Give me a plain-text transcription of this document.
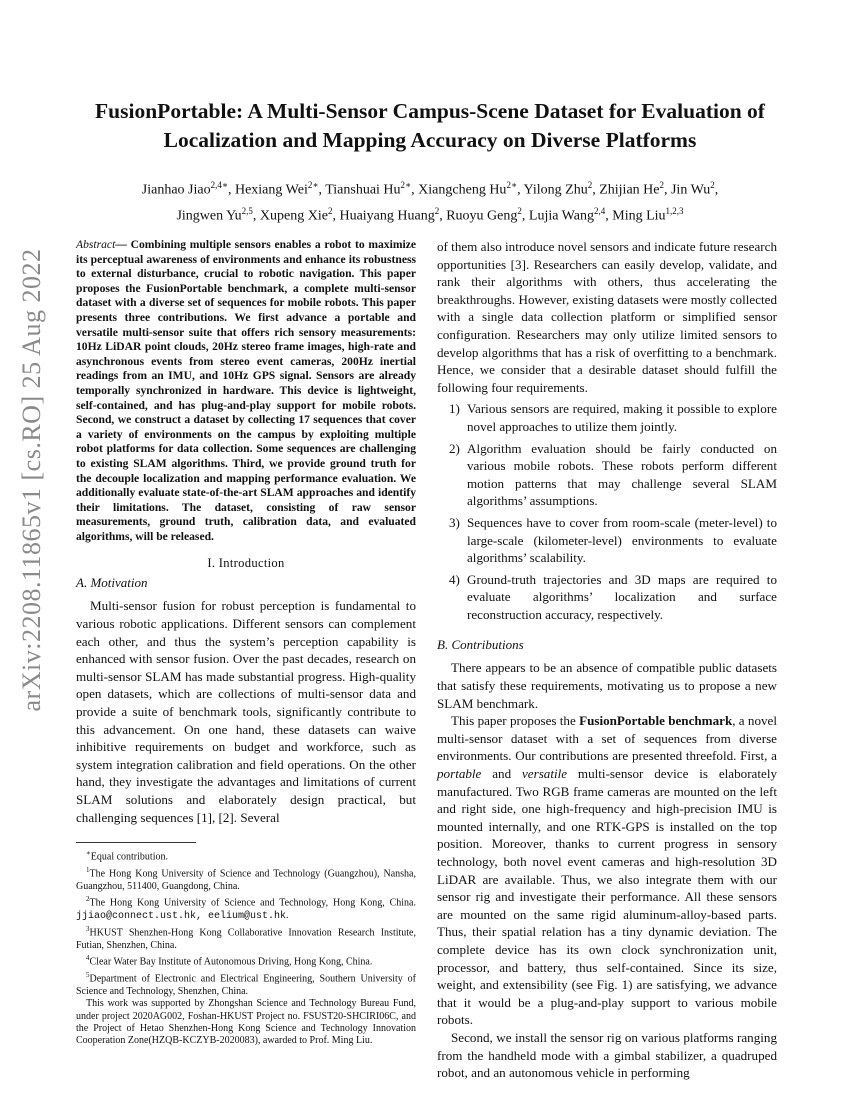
arXiv:2208.11865v1 [cs.RO] 25 Aug 2022
FusionPortable: A Multi-Sensor Campus-Scene Dataset for Evaluation of Localization and Mapping Accuracy on Diverse Platforms
Jianhao Jiao$^{2,4∗}$, Hexiang Wei$^{2∗}$, Tianshuai $Hu^{2∗}$, Xiangcheng $Hu^{2∗}$, Yilong Zhu$^2$, Zhijian He$^2$, Jin Wu$^2$,
Jingwen Yu$^{2,5}$, Xupeng Xie$^2$, Huaiyang Huang$^2$, Ruoyu Geng$^2$, Lujia Wang$^{2,4}$, Ming Liu$^{1,2,3}$

Abstract— Combining multiple sensors enables a robot to maximize its perceptual awareness of environments and enhance its robustness to external disturbance, crucial to robotic navigation. This paper proposes the FusionPortable benchmark, a complete multi-sensor dataset with a diverse set of sequences for mobile robots. This paper presents three contributions. We first advance a portable and versatile multi-sensor suite that offers rich sensory measurements: 10Hz LiDAR point clouds, 20Hz stereo frame images, high-rate and asynchronous events from stereo event cameras, 200Hz inertial readings from an IMU, and 10Hz GPS signal. Sensors are already temporally synchronized in hardware. This device is lightweight, self-contained, and has plug-and-play support for mobile robots. Second, we construct a dataset by collecting 17 sequences that cover a variety of environments on the campus by exploiting multiple robot platforms for data collection. Some sequences are challenging to existing SLAM algorithms. Third, we provide ground truth for the decouple localization and mapping performance evaluation. We additionally evaluate state-of-the-art SLAM approaches and identify their limitations. The dataset, consisting of raw sensor measurements, ground truth, calibration data, and evaluated algorithms, will be released.

I. Introduction
A. Motivation

Multi-sensor fusion for robust perception is fundamental to various robotic applications. Different sensors can complement each other, and thus the system’s perception capability is enhanced with sensor fusion. Over the past decades, research on multi-sensor SLAM has made substantial progress. High-quality open datasets, which are collections of multi-sensor data and provide a suite of benchmark tools, significantly contribute to this advancement. On one hand, these datasets can waive inhibitive requirements on budget and workforce, such as system integration calibration and field operations. On the other hand, they investigate the advantages and limitations of current SLAM solutions and elaborately design practical, but challenging sequences [1], [2]. Several

∗Equal contribution.

$^1$The Hong Kong University of Science and Technology (Guangzhou), Nansha, Guangzhou, 511400, Guangdong, China.

$^2$The Hong Kong University of Science and Technology, Hong Kong, China. jjiao@connect.ust.hk, eelium@ust.hk.

$^3$HKUST Shenzhen-Hong Kong Collaborative Innovation Research Institute, Futian, Shenzhen, China.

$^4$Clear Water Bay Institute of Autonomous Driving, Hong Kong, China.

$^5$Department of Electronic and Electrical Engineering, Southern University of Science and Technology, Shenzhen, China.

This work was supported by Zhongshan Science and Technology Bureau Fund, under project 2020AG002, Foshan-HKUST Project no. FSUST20-SHCIRI06C, and the Project of Hetao Shenzhen-Hong Kong Science and Technology Innovation Cooperation Zone(HZQB-KCZYB-2020083), awarded to Prof. Ming Liu.

of them also introduce novel sensors and indicate future research opportunities [3]. Researchers can easily develop, validate, and rank their algorithms with others, thus accelerating the breakthroughs. However, existing datasets were mostly collected with a single data collection platform or simplified sensor configuration. Researchers may only utilize limited sensors to develop algorithms that has a risk of overfitting to a benchmark. Hence, we consider that a desirable dataset should fulfill the following four requirements.

1) Various sensors are required, making it possible to explore novel approaches to utilize them jointly.
2) Algorithm evaluation should be fairly conducted on various mobile robots. These robots perform different motion patterns that may challenge several SLAM algorithms’ assumptions.
3) Sequences have to cover from room-scale (meter-level) to large-scale (kilometer-level) environments to evaluate algorithms’ scalability.
4) Ground-truth trajectories and 3D maps are required to evaluate algorithms’ localization and surface reconstruction accuracy, respectively.
B. Contributions

There appears to be an absence of compatible public datasets that satisfy these requirements, motivating us to propose a new SLAM benchmark.

This paper proposes the FusionPortable benchmark, a novel multi-sensor dataset with a set of sequences from diverse environments. Our contributions are presented threefold. First, a portable and versatile multi-sensor device is elaborately manufactured. Two RGB frame cameras are mounted on the left and right side, one high-frequency and high-precision IMU is mounted internally, and one RTK-GPS is installed on the top position. Moreover, thanks to current progress in sensory technology, both novel event cameras and high-resolution 3D LiDAR are available. Thus, we also integrate them with our sensor rig and investigate their performance. All these sensors are mounted on the same rigid aluminum-alloy-based parts. Thus, their spatial relation has a tiny dynamic deviation. The complete device has its own clock synchronization unit, processor, and battery, thus self-contained. Since its size, weight, and extensibility (see Fig. 1) are satisfying, we advance that it would be a plug-and-play support to various mobile robots.

Second, we install the sensor rig on various platforms ranging from the handheld mode with a gimbal stabilizer, a quadruped robot, and an autonomous vehicle in performing
